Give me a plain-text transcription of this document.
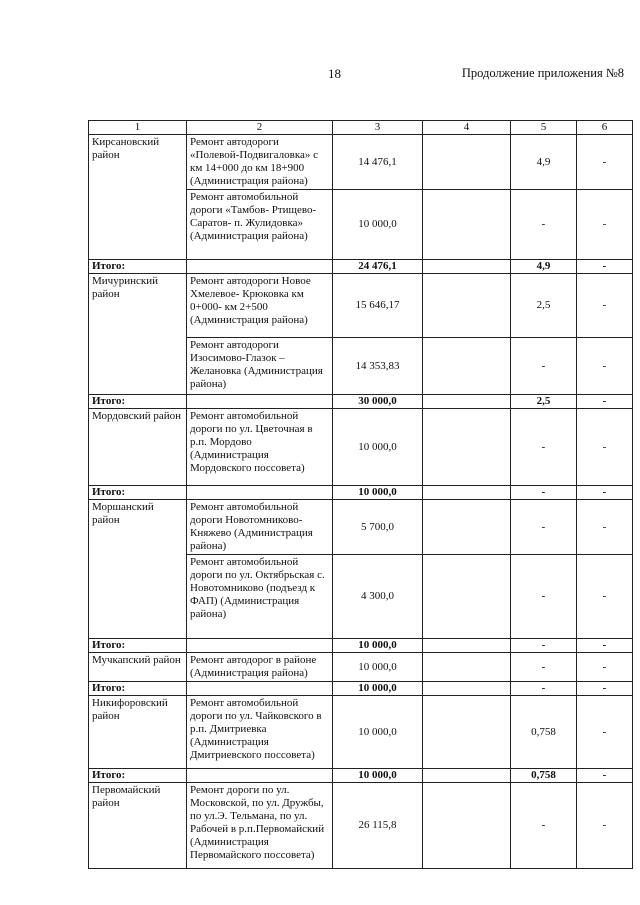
18	Продолжение приложения №8
1	2	3	4	5	6
Кирсановский район	Ремонт автодороги «Полевой-Подвигаловка» с км 14+000 до км 18+900 (Администрация района)	14 476,1		4,9	-
	Ремонт автомобильной дороги «Тамбов- Ртищево-Саратов- п. Жулидовка» (Администрация района)	10 000,0		-	-
Итого:		24 476,1		4,9	-
Мичуринский район	Ремонт автодороги Новое Хмелевое- Крюковка км 0+000- км 2+500 (Администрация района)	15 646,17		2,5	-
	Ремонт автодороги Изосимово-Глазок – Желановка (Администрация района)	14 353,83		-	-
Итого:		30 000,0		2,5	-
Мордовский район	Ремонт автомобильной дороги по ул. Цветочная в р.п. Мордово (Администрация Мордовского поссовета)	10 000,0		-	-
Итого:		10 000,0		-	-
Моршанский район	Ремонт автомобильной дороги Новотомниково- Княжево (Администрация района)	5 700,0		-	-
	Ремонт автомобильной дороги по ул. Октябрьская с. Новотомниково (подъезд к ФАП) (Администрация района)	4 300,0		-	-
Итого:		10 000,0		-	-
Мучкапский район	Ремонт автодорог в районе (Администрация района)	10 000,0		-	-
Итого:		10 000,0		-	-
Никифоровский район	Ремонт автомобильной дороги по ул. Чайковского в р.п. Дмитриевка (Администрация Дмитриевского поссовета)	10 000,0		0,758	-
Итого:		10 000,0		0,758	-
Первомайский район	Ремонт дороги по ул. Московской, по ул. Дружбы, по ул.Э. Тельмана, по ул. Рабочей в р.п.Первомайский (Администрация Первомайского поссовета)	26 115,8		-	-
